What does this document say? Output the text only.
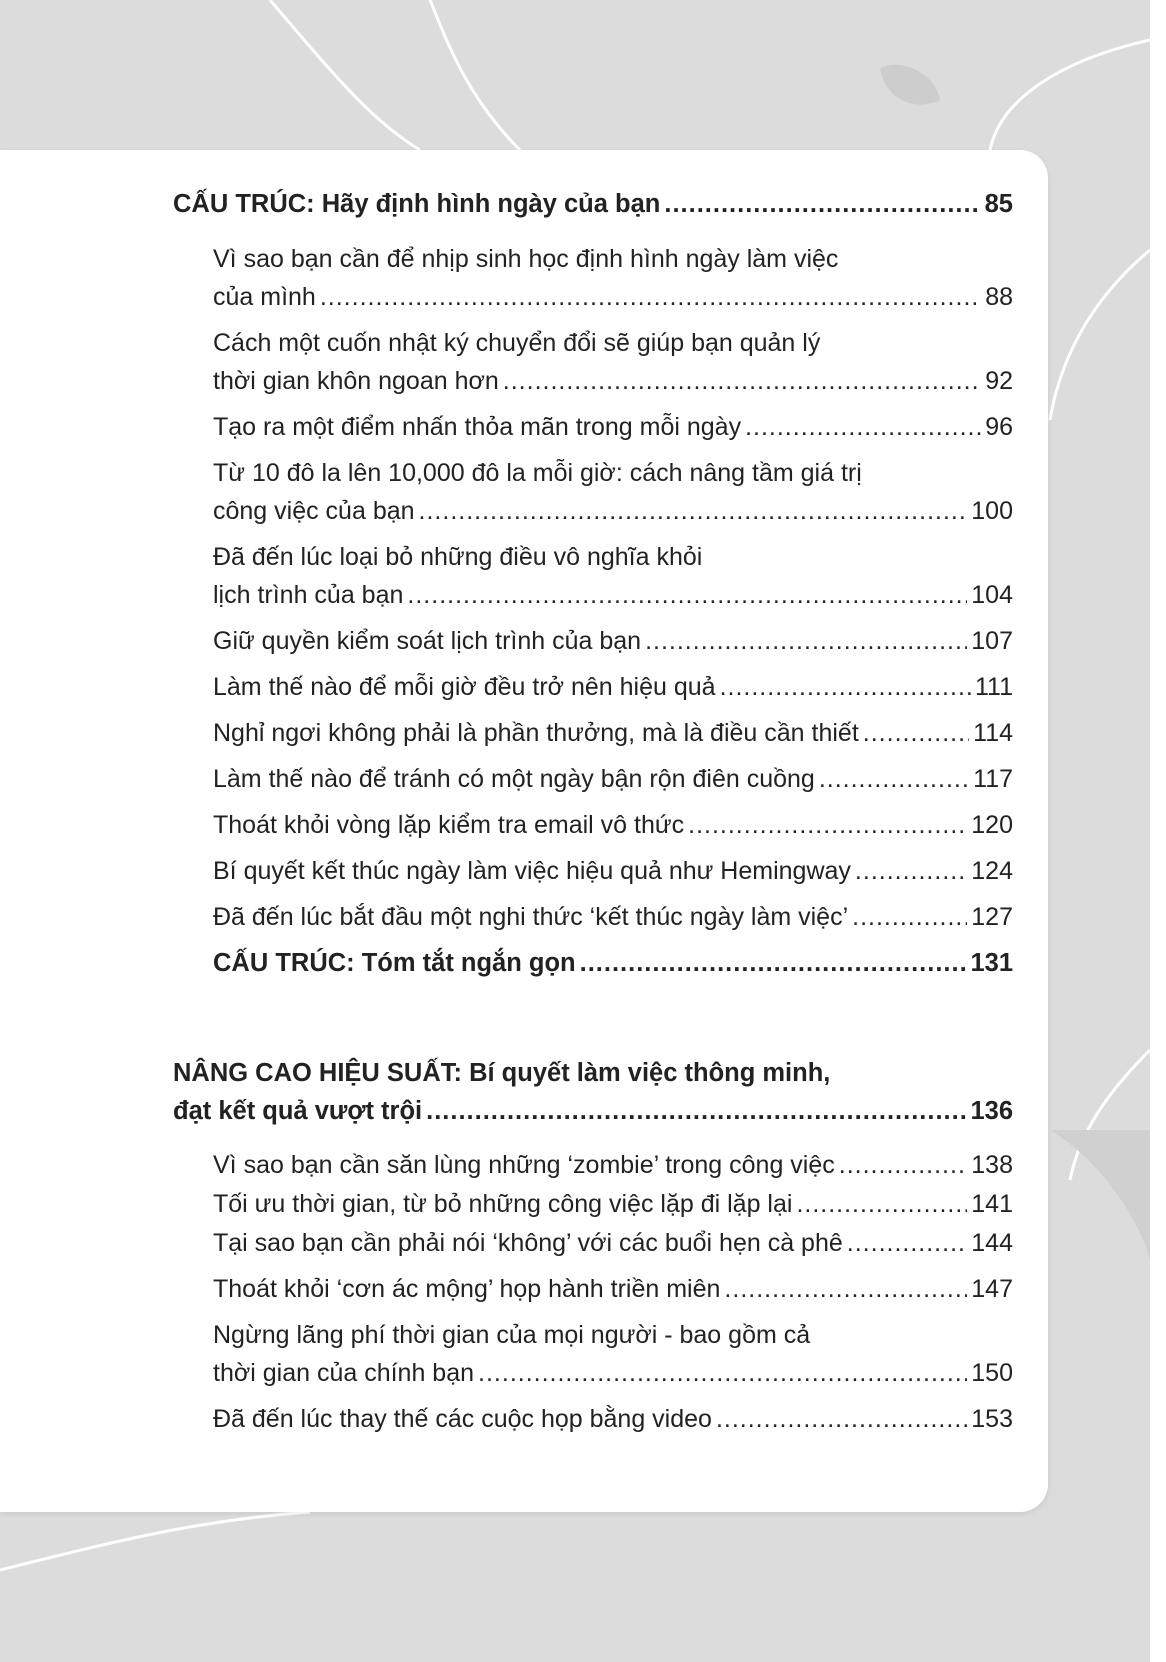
CẤU TRÚC: Hãy định hình ngày của bạn .....	85
Vì sao bạn cần để nhịp sinh học định hình ngày làm việc
của mình .....	88
Cách một cuốn nhật ký chuyển đổi sẽ giúp bạn quản lý
thời gian khôn ngoan hơn .....	92
Tạo ra một điểm nhấn thỏa mãn trong mỗi ngày .....	96
Từ 10 đô la lên 10,000 đô la mỗi giờ: cách nâng tầm giá trị
công việc của bạn .....	100
Đã đến lúc loại bỏ những điều vô nghĩa khỏi
lịch trình của bạn .....	104
Giữ quyền kiểm soát lịch trình của bạn .....	107
Làm thế nào để mỗi giờ đều trở nên hiệu quả .....	111
Nghỉ ngơi không phải là phần thưởng, mà là điều cần thiết .....	114
Làm thế nào để tránh có một ngày bận rộn điên cuồng .....	117
Thoát khỏi vòng lặp kiểm tra email vô thức .....	120
Bí quyết kết thúc ngày làm việc hiệu quả như Hemingway .....	124
Đã đến lúc bắt đầu một nghi thức ‘kết thúc ngày làm việc’ .....	127
CẤU TRÚC: Tóm tắt ngắn gọn .....	131
NÂNG CAO HIỆU SUẤT: Bí quyết làm việc thông minh,
đạt kết quả vượt trội .....	136
Vì sao bạn cần săn lùng những ‘zombie’ trong công việc .....	138
Tối ưu thời gian, từ bỏ những công việc lặp đi lặp lại .....	141
Tại sao bạn cần phải nói ‘không’ với các buổi hẹn cà phê .....	144
Thoát khỏi ‘cơn ác mộng’ họp hành triền miên .....	147
Ngừng lãng phí thời gian của mọi người - bao gồm cả
thời gian của chính bạn .....	150
Đã đến lúc thay thế các cuộc họp bằng video .....	153
